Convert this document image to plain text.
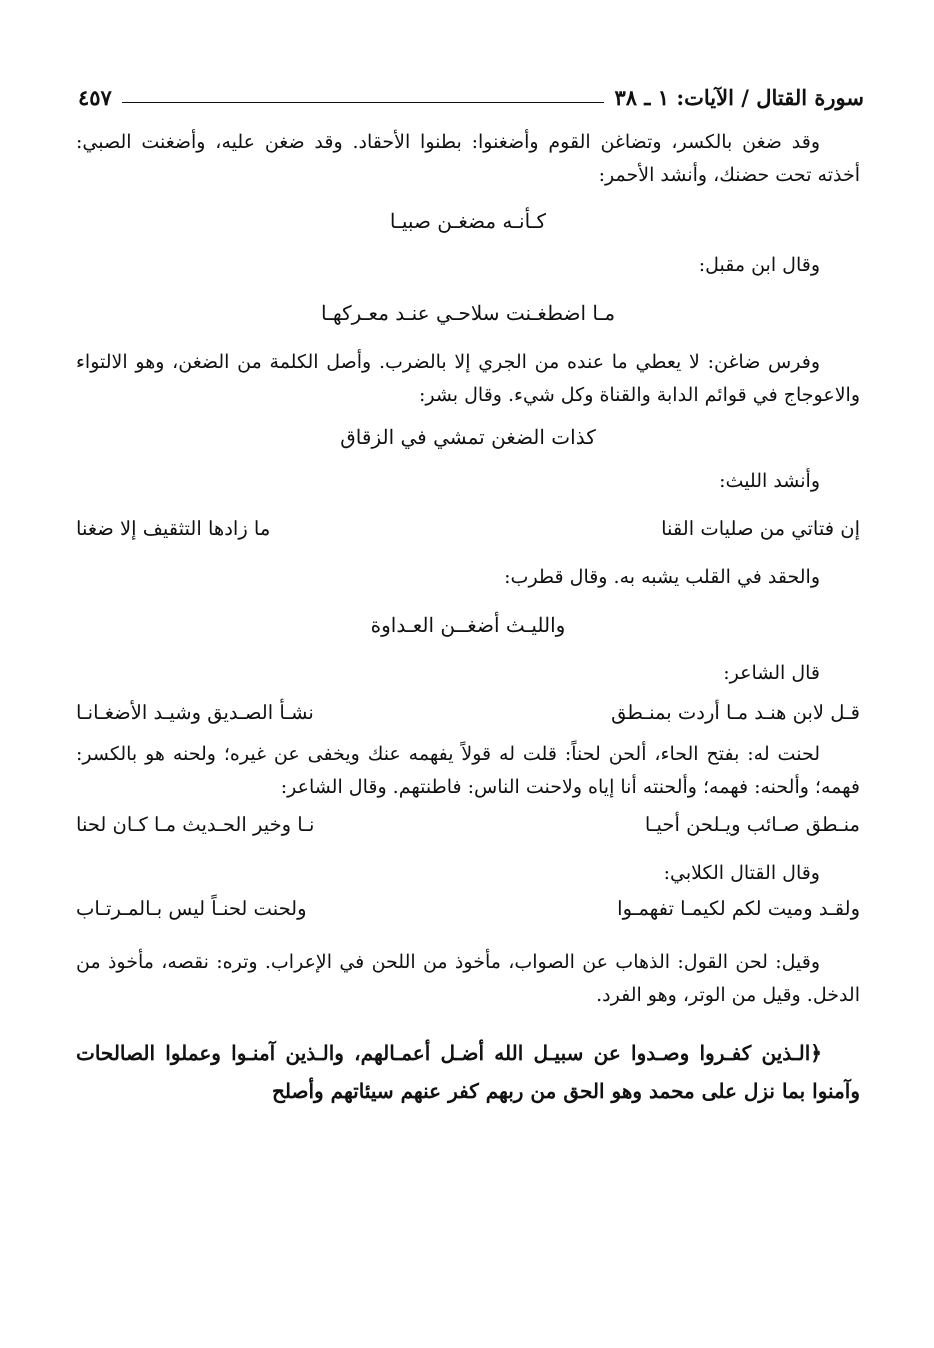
سورة القتال / الآيات: ١ ـ ٣٨
٤٥٧

وقد ضغن بالكسر، وتضاغن القوم وأضغنوا: بطنوا الأحقاد. وقد ضغن عليه، وأضغنت الصبي: أخذته تحت حضنك، وأنشد الأحمر:

كـأنـه مضغـن صبيـا

وقال ابن مقبل:

مـا اضطغـنت سلاحـي عنـد معـركهـا

وفرس ضاغن: لا يعطي ما عنده من الجري إلا بالضرب. وأصل الكلمة من الضغن، وهو الالتواء والاعوجاج في قوائم الدابة والقناة وكل شيء. وقال بشر:

كذات الضغن تمشي في الزقاق

وأنشد الليث:

إن فتاتي من صليات القنا
ما زادها التثقيف إلا ضغنا

والحقد في القلب يشبه به. وقال قطرب:

والليـث أضغــن العـداوة

قال الشاعر:

قـل لابن هنـد مـا أردت بمنـطق
نشـأ الصـديق وشيـد الأضغـانـا

لحنت له: بفتح الحاء، ألحن لحناً: قلت له قولاً يفهمه عنك ويخفى عن غيره؛ ولحنه هو بالكسر: فهمه؛ وألحنه: فهمه؛ وألحنته أنا إياه ولاحنت الناس: فاطنتهم. وقال الشاعر:

منـطق صـائب ويـلحن أحيـا
نـا وخير الحـديث مـا كـان لحنا

وقال القتال الكلابي:

ولقـد وميت لكم لكيمـا تفهمـوا
ولحنت لحنـاً ليس بـالمـرتـاب

وقيل: لحن القول: الذهاب عن الصواب، مأخوذ من اللحن في الإعراب. وتره: نقصه، مأخوذ من الدخل. وقيل من الوتر، وهو الفرد.

﴿الـذين كفـروا وصـدوا عن سبيـل الله أضـل أعمـالهم، والـذين آمنـوا وعملوا الصالحات وآمنوا بما نزل على محمد وهو الحق من ربهم كفر عنهم سيئاتهم وأصلح
